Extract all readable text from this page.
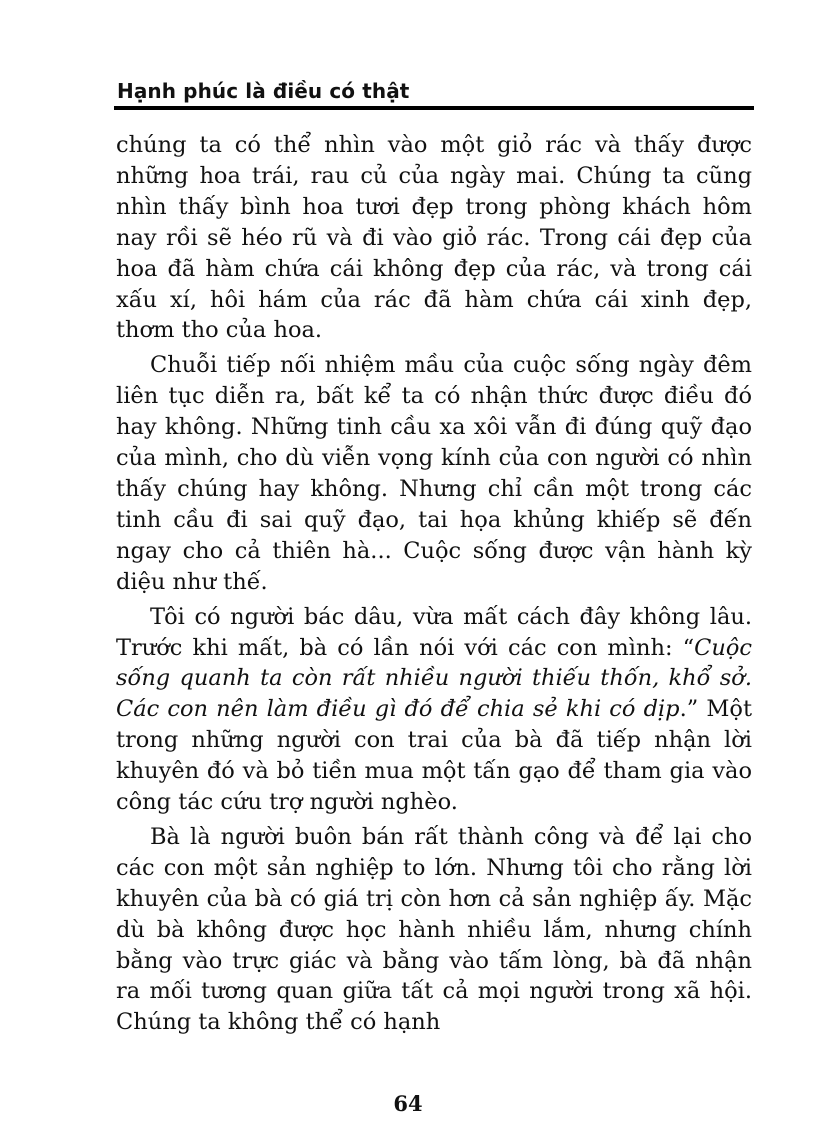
Hạnh phúc là điều có thật

chúng ta có thể nhìn vào một giỏ rác và thấy được những hoa trái, rau củ của ngày mai. Chúng ta cũng nhìn thấy bình hoa tươi đẹp trong phòng khách hôm nay rồi sẽ héo rũ và đi vào giỏ rác. Trong cái đẹp của hoa đã hàm chứa cái không đẹp của rác, và trong cái xấu xí, hôi hám của rác đã hàm chứa cái xinh đẹp, thơm tho của hoa.

Chuỗi tiếp nối nhiệm mầu của cuộc sống ngày đêm liên tục diễn ra, bất kể ta có nhận thức được điều đó hay không. Những tinh cầu xa xôi vẫn đi đúng quỹ đạo của mình, cho dù viễn vọng kính của con người có nhìn thấy chúng hay không. Nhưng chỉ cần một trong các tinh cầu đi sai quỹ đạo, tai họa khủng khiếp sẽ đến ngay cho cả thiên hà... Cuộc sống được vận hành kỳ diệu như thế.

Tôi có người bác dâu, vừa mất cách đây không lâu. Trước khi mất, bà có lần nói với các con mình: “Cuộc sống quanh ta còn rất nhiều người thiếu thốn, khổ sở. Các con nên làm điều gì đó để chia sẻ khi có dịp.” Một trong những người con trai của bà đã tiếp nhận lời khuyên đó và bỏ tiền mua một tấn gạo để tham gia vào công tác cứu trợ người nghèo.

Bà là người buôn bán rất thành công và để lại cho các con một sản nghiệp to lớn. Nhưng tôi cho rằng lời khuyên của bà có giá trị còn hơn cả sản nghiệp ấy. Mặc dù bà không được học hành nhiều lắm, nhưng chính bằng vào trực giác và bằng vào tấm lòng, bà đã nhận ra mối tương quan giữa tất cả mọi người trong xã hội. Chúng ta không thể có hạnh

64
